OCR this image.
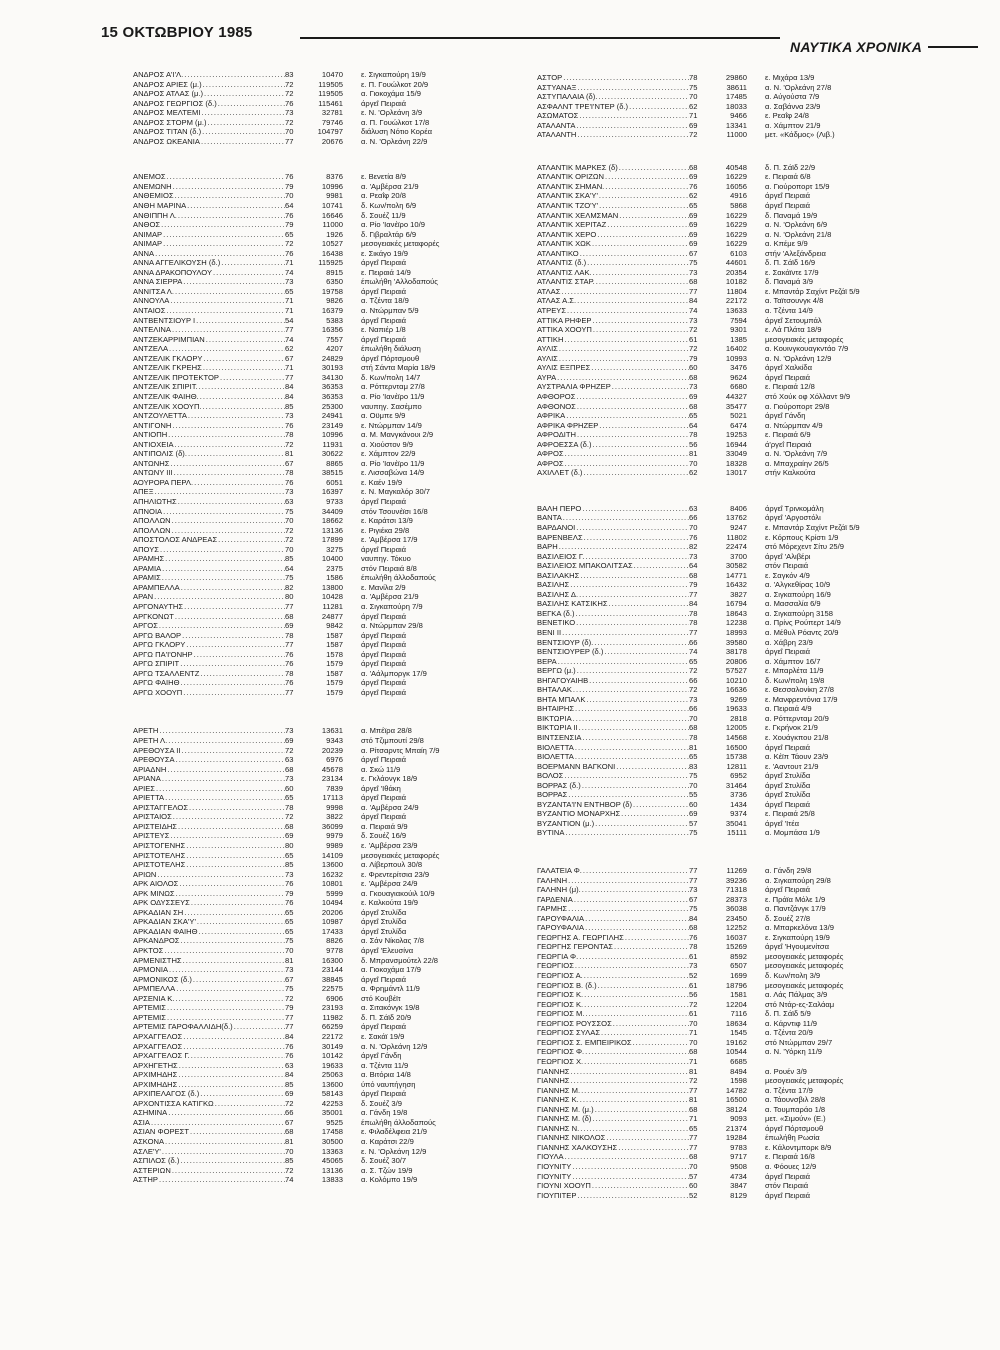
15 ΟΚΤΩΒΡΙΟΥ 1985
ΝΑΥΤΙΚΑ ΧΡΟΝΙΚΑ
ΑΝΔΡΟΣ Α'Ι'Λ. .....	83	10470	ε. Σιγκαπούρη 19/9
ΑΝΔΡΟΣ ΑΡΙΕΣ (μ.) .....	72	119505	ε. Π. Γουώλκοτ 20/9
ΑΝΔΡΟΣ ΑΤΛΑΣ (μ.) .....	72	119505	α. Γιοκοχάμα 15/9
ΑΝΔΡΟΣ ΓΕΩΡΓΙΟΣ (δ.) .....	76	115461	άργεΐ Πειραιά
ΑΝΔΡΟΣ ΜΕΛΤΕΜΙ .....	73	32781	ε. Ν. 'Ορλεάνη 3/9
ΑΝΔΡΟΣ ΣΤΟΡΜ (μ.) .....	72	79746	α. Π. Γουώλκοτ 17/8
ΑΝΔΡΟΣ ΤΙΤΑΝ (δ.) .....	70	104797	διάλυση Νότιο Κορέα
ΑΝΔΡΟΣ ΩΚΕΑΝΙΑ .....	77	20676	α. Ν. 'Ορλεάνη 22/9
ΑΝΕΜΟΣ .....	76	8376	ε. Βενετία 8/9
ΑΝΕΜΩΝΗ .....	79	10996	α. 'Αμβέρσα 21/9
ΑΝΘΕΜΙΟΣ .....	70	9981	α. Ρεαΐφ 20/8
ΑΝΘΗ ΜΑΡΙΝΑ .....	64	10741	δ. Κων/πολη 6/9
ΑΝΘΙΠΠΗ Λ. .....	76	16646	δ. Σουέζ 11/9
ΑΝΘΟΣ .....	79	11000	α. Ρίο 'Ιανέϊρο 10/9
ΑΝΙΜΑΡ .....	65	1926	δ. Γιβραλτάρ 6/9
ΑΝΙΜΑΡ .....	72	10527	μεσογειακές μεταφορές
ΑΝΝΑ .....	76	16438	ε. Σικάγο 19/9
ΑΝΝΑ ΑΓΓΕΛΙΚΟΥΣΗ (δ.) .....	71	115925	άργεΐ Πειραιά
ΑΝΝΑ ΔΡΑΚΟΠΟΥΛΟΥ .....	74	8915	ε. Πειραιά 14/9
ΑΝΝΑ ΣΙΕΡΡΑ .....	73	6350	έπωλήθη 'Αλλοδαπούς
ΑΝΝΙΤΣΑ Λ. .....	65	19758	άργεΐ Πειραιά
ΑΝΝΟΥΛΑ .....	71	9826	α. Τζέντα 18/9
ΑΝΤΑΙΟΣ .....	71	16379	α. Ντώρμπαν 5/9
ΑΝΤΒΕΝΤΣΙΟΥΡ Ι .....	54	5383	άργεΐ Πειραιά
ΑΝΤΕΛΙΝΑ .....	77	16356	ε. Ναπιέρ 1/8
ΑΝΤΖΕΚΑΡΡΙΜΠΙΑΝ .....	74	7557	άργεΐ Πειραιά
ΑΝΤΖΕΛΑ .....	62	4207	έπωλήθη διάλυση
ΑΝΤΖΕΛΙΚ ΓΚΛΟΡΥ .....	67	24829	άργεΐ Πόρτσμουθ
ΑΝΤΖΕΛΙΚ ΓΚΡΕΗΣ .....	71	30193	στή Σάντα Μαρία 18/9
ΑΝΤΖΕΛΙΚ ΠΡΟΤΕΚΤΟΡ .....	77	34130	δ. Κων/πολη 14/7
ΑΝΤΖΕΛΙΚ ΣΠΙΡΙΤ. .....	84	36353	α. Ρόττερνταμ 27/8
ΑΝΤΖΕΛΙΚ ΦΑΙΗΘ. .....	84	36353	α. Ρίο 'Ιανέϊρο 11/9
ΑΝΤΖΕΛΙΚ ΧΟΟΥΠ. .....	85	25300	ναυπηγ. Σασέμπο
ΑΝΤΖΟΥΛΕΤΤΑ .....	73	24941	α. Οϋμπε 9/9
ΑΝΤΙΓΟΝΗ .....	76	23149	ε. Ντώρμπαν 14/9
ΑΝΤΙΟΠΗ .....	78	10996	α. Μ. Μανγκάνουι 2/9
ΑΝΤΙΟΧΕΙΑ .....	72	11931	α. Χιούστον 9/9
ΑΝΤΙΠΟΛΙΣ (δ). .....	81	30622	ε. Χάμπτον 22/9
ΑΝΤΩΝΗΣ .....	67	8865	α. Ρίο 'Ιανέϊρο 11/9
ΑΝΤΩΝΥ ΙΙΙ .....	78	38515	ε. Λισσαβώνα 14/9
ΑΟΥΡΟΡΑ ΠΕΡΛ. .....	76	6051	ε. Καέν 19/9
ΑΠΕΞ .....	73	16397	ε. Ν. Μαγκαλόρ 30/7
ΑΠΗΛΙΩΤΗΣ .....	63	9733	άργεΐ Πειραιά
ΑΠΝΟΙΑ .....	75	34409	στόν Τσουνέϊσι 16/8
ΑΠΟΛΛΩΝ .....	70	18662	ε. Καράτσι 13/9
ΑΠΟΛΛΩΝ .....	72	13136	ε. Ριγιέκα 29/8
ΑΠΟΣΤΟΛΟΣ ΑΝΔΡΕΑΣ .....	72	17899	ε. 'Αμβέρσα 17/9
ΑΠΟΥΣ .....	70	3275	άργεΐ Πειραιά
ΑΡΑΜΗΣ .....	85	10400	ναυπηγ. Τόκυο
ΑΡΑΜΙΑ .....	64	2375	στόν Πειραιά 8/8
ΑΡΑΜΙΣ .....	75	1586	έπωλήθη άλλοδαπούς
ΑΡΑΜΠΕΛΛΑ .....	82	13800	ε. Μανίλα 2/9
ΑΡΑΝ .....	80	10428	α. 'Αμβέρσα 21/9
ΑΡΓΟΝΑΥΤΗΣ .....	77	11281	α. Σιγκαπούρη 7/9
ΑΡΓΚΟΝΩΤ .....	68	24877	άργεΐ Πειραιά
ΑΡΓΟΣ .....	69	9842	α. Ντώρμπαν 29/8
ΑΡΓΩ ΒΑΛΟΡ .....	78	1587	άργεΐ Πειραιά
ΑΡΓΩ ΓΚΛΟΡΥ .....	77	1587	άργεΐ Πειραιά
ΑΡΓΩ ΠΑ'Ι'ΟΝΗΡ .....	76	1578	άργεΐ Πειραιά
ΑΡΓΩ ΣΠΙΡΙΤ .....	76	1579	άργεΐ Πειραιά
ΑΡΓΩ ΤΣΑΛΛΕΝΤΖ .....	78	1587	α. 'Αάλμποργκ 17/9
ΑΡΓΩ ΦΑΙΗΘ .....	76	1579	άργεΐ Πειραιά
ΑΡΓΩ ΧΟΟΥΠ .....	77	1579	άργεΐ Πειραιά
ΑΡΕΤΗ .....	73	13631	α. Μπέϊρα 28/8
ΑΡΕΤΗ Λ. .....	69	9343	στό Τζιμπουτί 29/8
ΑΡΕΘΟΥΣΑ ΙΙ .....	72	20239	α. Ρίτσαρντς Μπαίη 7/9
ΑΡΕΘΟΥΣΑ .....	63	6976	άργεΐ Πειραιά
ΑΡΙΑΔΝΗ .....	68	45678	α. Σκώ 11/9
ΑΡΙΑΝΑ .....	73	23134	ε. Γκλάονγκ 18/9
ΑΡΙΕΣ .....	60	7839	άργεΐ 'Ιθάκη
ΑΡΙΕΤΤΑ .....	65	17113	άργεΐ Πειραιά
ΑΡΙΣΤΑΓΓΕΛΟΣ .....	78	9998	α. 'Αμβέρσα 24/9
ΑΡΙΣΤΑΙΟΣ .....	72	3822	άργεΐ Πειραιά
ΑΡΙΣΤΕΙΔΗΣ .....	68	36099	α. Πειραιά 9/9
ΑΡΙΣΤΕΥΣ .....	69	9979	δ. Σουέζ 16/9
ΑΡΙΣΤΟΓΕΝΗΣ .....	80	9989	ε. 'Αμβέρσα 23/9
ΑΡΙΣΤΟΤΕΛΗΣ .....	65	14109	μεσογειακές μεταφορές
ΑΡΙΣΤΟΤΕΛΗΣ .....	85	13600	α. Λίβερπουλ 30/8
ΑΡΙΩΝ .....	73	16232	ε. Φρεντερίτσια 23/9
ΑΡΚ ΑΙΟΛΟΣ .....	76	10801	ε. 'Αμβέρσα 24/9
ΑΡΚ ΜΙΝΩΣ .....	79	5999	α. Γκουαγιακούιλ 10/9
ΑΡΚ ΟΔΥΣΣΕΥΣ .....	76	10494	ε. Καλκούτα 19/9
ΑΡΚΑΔΙΑΝ ΣΗ .....	65	20206	άργεΐ Στυλίδα
ΑΡΚΑΔΙΑΝ ΣΚΑ'Υ' .....	65	10987	άργεΐ Στυλίδα
ΑΡΚΑΔΙΑΝ ΦΑΙΗΘ .....	65	17433	άργεΐ Στυλίδα
ΑΡΚΑΝΔΡΟΣ .....	75	8826	α. Σάν Νίκολας 7/8
ΑΡΚΤΟΣ .....	70	9778	άργεΐ 'Ελευσίνα
ΑΡΜΕΝΙΣΤΗΣ .....	81	16300	δ. Μπρανσμούτελ 22/8
ΑΡΜΟΝΙΑ .....	73	23144	α. Γιοκοχάμα 17/9
ΑΡΜΟΝΙΚΟΣ (δ.) .....	67	38845	άργεΐ Πειραιά
ΑΡΜΠΕΛΛΑ .....	75	22575	α. Φρημάντλ 11/9
ΑΡΣΕΝΙΑ Κ. .....	72	6906	στό Κουβέϊτ
ΑΡΤΕΜΙΣ .....	79	23193	α. Σιτακόνγκ 19/8
ΑΡΤΕΜΙΣ .....	77	11982	δ. Π. Σάϊδ 20/9
ΑΡΤΕΜΙΣ ΓΑΡΟΦΑΛΛΙΔΗ(δ.) .....	77	66259	άργεΐ Πειραιά
ΑΡΧΑΓΓΕΛΟΣ .....	84	22172	ε. Σακάϊ 19/9
ΑΡΧΑΓΓΕΛΟΣ .....	76	30149	α. Ν. 'Ορλεάνη 12/9
ΑΡΧΑΓΓΕΛΟΣ Γ. .....	76	10142	άργεΐ Γάνδη
ΑΡΧΗΓΕΤΗΣ .....	63	19633	α. Τζέντα 11/9
ΑΡΧΙΜΗΔΗΣ .....	84	25063	α. Βιτόρια 14/8
ΑΡΧΙΜΗΔΗΣ .....	85	13600	ύπό ναυπήγηση
ΑΡΧΙΠΕΛΑΓΟΣ (δ.) .....	69	58143	άργεΐ Πειραιά
ΑΡΧΟΝΤΙΣΣΑ ΚΑΤΙΓΚΩ .....	72	42253	δ. Σουέζ 3/9
ΑΣΗΜΙΝΑ .....	66	35001	α. Γάνδη 19/8
ΑΣΙΑ .....	67	9525	έπωλήθη άλλοδαπούς
ΑΣΙΑΝ ΦΟΡΕΣΤ .....	68	17458	ε. Φιλαδέλφεια 21/9
ΑΣΚΟΝΑ .....	81	30500	α. Καράτσι 22/9
ΑΣΛΕ'Υ' .....	70	13363	ε. Ν. 'Ορλεάνη 12/9
ΑΣΠΙΛΟΣ (δ.) .....	85	45065	δ. Σουέζ 30/7
ΑΣΤΕΡΙΩΝ .....	72	13136	α. Σ. Τζών 19/9
ΑΣΤΗΡ .....	74	13833	α. Κολόμπο 19/9
ΑΣΤΟΡ .....	78	29860	ε. Μιχάρα 13/9
ΑΣΤΥΑΝΑΞ .....	75	38611	α. Ν. 'Ορλεάνη 27/8
ΑΣΤΥΠΑΛΑΙΑ (δ). .....	70	17485	α. Αύγούστα 7/9
ΑΣΦΑΛΝΤ ΤΡΕ'Ι'ΝΤΕΡ (δ.) .....	62	18033	α. Σαβάννα 23/9
ΑΣΩΜΑΤΟΣ .....	71	9466	ε. Ρεαΐφ 24/8
ΑΤΑΛΑΝΤΑ .....	69	13341	α. Χάμπτον 21/9
ΑΤΑΛΑΝΤΗ .....	72	11000	μετ. «Κάδμος» (Λιβ.)
ΑΤΛΑΝΤΙΚ ΜΑΡΚΕΣ (δ) .....	68	40548	δ. Π. Σάϊδ 22/9
ΑΤΛΑΝΤΙΚ ΟΡΙΖΩΝ .....	69	16229	ε. Πειραιά 6/8
ΑΤΛΑΝΤΙΚ ΣΗΜΑΝ. .....	76	16056	α. Γιούροπορτ 15/9
ΑΤΛΑΝΤΙΚ ΣΚΑ'Υ' .....	62	4916	άργεΐ Πειραιά
ΑΤΛΑΝΤΙΚ ΤΖΟ'Υ' .....	65	5868	άργεΐ Πειραιά
ΑΤΛΑΝΤΙΚ ΧΕΛΜΣΜΑΝ .....	69	16229	δ. Παναμά 19/9
ΑΤΛΑΝΤΙΚ ΧΕΡΙΤΑΖ .....	69	16229	α. Ν. 'Ορλεάνη 6/9
ΑΤΛΑΝΤΙΚ ΧΕΡΟ .....	69	16229	α. Ν. 'Ορλεάνη 21/8
ΑΤΛΑΝΤΙΚ ΧΩΚ .....	69	16229	α. Κπέμε 9/9
ΑΤΛΑΝΤΙΚΟ .....	67	6103	στήν 'Αλεξάνδρεια
ΑΤΛΑΝΤΙΣ (δ.) .....	75	44601	δ. Π. Σάϊδ 16/9
ΑΤΛΑΝΤΙΣ ΛΑΚ. .....	73	20354	ε. Σακάϊντε 17/9
ΑΤΛΑΝΤΙΣ ΣΤΑΡ. .....	68	10182	δ. Παναμά 3/9
ΑΤΛΑΣ .....	77	11804	ε. Μπαντάρ Σαχίντ Ρεζάϊ 5/9
ΑΤΛΑΣ Α.Σ. .....	84	22172	α. Ταϊτσουνγκ 4/8
ΑΤΡΕΥΣ .....	74	13633	α. Τζέντα 14/9
ΑΤΤΙΚΑ ΡΗΦΕΡ .....	73	7594	άργεΐ Σετουμπάλ
ΑΤΤΙΚΑ ΧΟΟΥΠ .....	72	9301	ε. Λά Πλάτα 18/9
ΑΤΤΙΚΗ .....	61	1385	μεσογειακές μεταφορές
ΑΥΛΙΣ .....	72	16402	α. Κουινγκουαγκντάο 7/9
ΑΥΛΙΣ .....	79	10993	α. Ν. 'Ορλεάνη 12/9
ΑΥΛΙΣ ΕΞΠΡΕΣ .....	60	3476	άργεΐ Χαλκίδα
ΑΥΡΑ .....	68	9624	άργεΐ Πειραιά
ΑΥΣΤΡΑΛΙΑ ΦΡΗΖΕΡ .....	73	6680	ε. Πειραιά 12/8
ΑΦΘΟΡΟΣ .....	69	44327	στό Χούκ οφ Χόλλαντ 9/9
ΑΦΘΟΝΟΣ .....	68	35477	α. Γιούροπορτ 29/8
ΑΦΡΙΚΑ .....	65	5021	άργεΐ Γάνδη
ΑΦΡΙΚΑ ΦΡΗΖΕΡ .....	64	6474	α. Ντώρμπαν 4/9
ΑΦΡΟΔΙΤΗ .....	78	19253	ε. Πειραιά 6/9
ΑΦΡΟΕΣΣΑ (δ.) .....	56	16944	ά'ργεΐ Πειραιά
ΑΦΡΟΣ .....	81	33049	α. Ν. 'Ορλεάνη 7/9
ΑΦΡΟΣ .....	70	18328	α. Μπαχραίην 26/5
ΑΧΙΛΛΕΤ (δ.) .....	62	13017	στήν Καλκούτα
ΒΑΛΗ ΠΕΡΟ .....	63	8406	άργεΐ Τρινκομάλη
ΒΑΝΤΑ .....	66	13762	άργεΐ 'Αργοστόλι
ΒΑΡΔΑΝΟΙ .....	70	9247	ε. Μπαντάρ Σαχίντ Ρεζάϊ 5/9
ΒΑΡΕΝΒΕΛΣ .....	76	11802	ε. Κόρπους Κρίστι 1/9
ΒΑΡΗ .....	82	22474	στό Μόρεχεντ Σίτυ 25/9
ΒΑΣΙΛΕΙΟΣ Γ. .....	73	3700	άργεΐ 'Αλιβέρι
ΒΑΣΙΛΕΙΟΣ ΜΠΑΚΟΛΙΤΣΑΣ .....	64	30582	στόν Πειραιά
ΒΑΣΙΛΑΚΗΣ .....	68	14771	ε. Σαγκόν 4/9
ΒΑΣΙΛΗΣ .....	79	16432	α. 'Αλγκεθίρας 10/9
ΒΑΣΙΛΗΣ Δ. .....	77	3827	α. Σιγκαπούρη 16/9
ΒΑΣΙΛΗΣ ΚΑΤΣΙΚΗΣ .....	84	16794	α. Μασσαλία 6/9
ΒΕΓΚΑ (δ.) .....	78	18643	α. Σιγκαπούρη 3158
ΒΕΝΕΤΙΚΟ .....	78	12238	α. Πρίνς Ρούπερτ 14/9
ΒΕΝΙ ΙΙ .....	77	18993	α. Μέθυλ Ρόαντς 20/9
ΒΕΝΤΣΙΟΥΡ (δ). .....	66	39580	α. Χάβρη 23/9
ΒΕΝΤΣΙΟΥΡΕΡ (δ.) .....	74	38178	άργεΐ Πειραιά
ΒΕΡΑ .....	65	20806	α. Χάμπτον 16/7
ΒΕΡΓΩ (μ.) .....	72	57527	ε. Μπαρλέτα 11/9
ΒΗΓΑΓΟΥΑΙΗΒ .....	66	10210	δ. Κων/πολη 19/8
ΒΗΤΑΛΑΚ .....	72	16636	ε. Θεσσαλονίκη 27/8
ΒΗΤΑ ΜΠΑΛΚ .....	73	9269	ε. Μανφρεντόνια 17/9
ΒΗΤΑΙΡΗΣ .....	66	19633	α. Πειραιά 4/9
ΒΙΚΤΩΡΙΑ .....	70	2818	α. Ρόττερνταμ 20/9
ΒΙΚΤΩΡΙΑ ΙΙ .....	68	12005	ε. Γκρήνοκ 21/9
ΒΙΝΤΣΕΝΣΙΑ .....	78	14568	ε. Χουάγκπου 21/8
ΒΙΟΛΕΤΤΑ .....	81	16500	άργεΐ Πειραιά
ΒΙΟΛΕΤΤΑ .....	65	15738	α. Κέϊπ Τάουν 23/9
ΒΟΕΡΜΑΝΝ ΒΑΓΚΟΝΙ .....	83	12811	ε. 'Ααντουτ 21/9
ΒΟΛΟΣ .....	75	6952	άργεΐ Στυλίδα
ΒΟΡΡΑΣ (δ.) .....	70	31464	άργεΐ Στυλίδα
ΒΟΡΡΑΣ .....	55	3736	άργεΐ Στυλίδα
ΒΥΖΑΝΤΑ'Ι'Ν ΕΝΤΗΒΟΡ (δ) .....	60	1434	άργεΐ Πειραιά
ΒΥΖΑΝΤΙΟ ΜΟΝΑΡΧΗΣ .....	69	9374	ε. Πειραιά 25/8
ΒΥΖΑΝΤΙΟΝ (μ.) .....	57	35041	άργεΐ 'Ιτέα
ΒΥΤΙΝΑ .....	75	15111	α. Μομπάσα 1/9
ΓΑΛΑΤΕΙΑ Φ. .....	77	11269	α. Γάνδη 29/8
ΓΑΛΗΝΗ .....	77	39236	α. Σιγκαπούρη 29/8
ΓΑΛΗΝΗ (μ). .....	73	71318	άργεΐ Πειραιά
ΓΑΡΔΕΝΙΑ .....	67	28373	ε. Πράϊα Μόλε 1/9
ΓΑΡΜΗΣ .....	75	36038	α. Παντζάνγκ 17/9
ΓΑΡΟΥΦΑΛΙΑ .....	84	23450	δ. Σουέζ 27/8
ΓΑΡΟΥΦΑΛΙΑ .....	68	12252	α. Μπαρκελόνα 13/9
ΓΕΩΡΓΗΣ Α. ΓΕΩΡΓΙΛΗΣ .....	76	16037	ε. Σιγκαπούρη 19/9
ΓΕΩΡΓΗΣ ΓΕΡΟΝΤΑΣ .....	78	15269	άργεΐ 'Ηγουμενίτσα
ΓΕΩΡΓΙΑ Φ. .....	61	8592	μεσογειακές μεταφορές
ΓΕΩΡΓΙΟΣ .....	73	6507	μεσογειακές μεταφορές
ΓΕΩΡΓΙΟΣ Α. .....	52	1699	δ. Κων/πολη 3/9
ΓΕΩΡΓΙΟΣ Β. (δ.) .....	61	18796	μεσογειακές μεταφορές
ΓΕΩΡΓΙΟΣ Κ. .....	56	1581	α. Λάς Πάλμας 3/9
ΓΕΩΡΓΙΟΣ Κ. .....	72	12204	στό Ντάρ-ες-Σαλάαμ
ΓΕΩΡΓΙΟΣ Μ. .....	61	7116	δ. Π. Σάϊδ 5/9
ΓΕΩΡΓΙΟΣ ΡΟΥΣΣΟΣ .....	70	18634	α. Κάρντιφ 11/9
ΓΕΩΡΓΙΟΣ ΣΥΛΑΣ .....	71	1545	α. Τζέντα 20/9
ΓΕΩΡΓΙΟΣ Σ. ΕΜΠΕΙΡΙΚΟΣ .....	70	19162	στό Ντώρμπαν 29/7
ΓΕΩΡΓΙΟΣ Φ. .....	68	10544	α. Ν. 'Υόρκη 11/9
ΓΕΩΡΓΙΟΣ Χ. .....	71	6685
ΓΙΑΝΝΗΣ .....	81	8494	α. Ρουέν 3/9
ΓΙΑΝΝΗΣ .....	72	1598	μεσογειακές μεταφορές
ΓΙΑΝΝΗΣ Μ. .....	77	14782	α. Τζέντα 17/9
ΓΙΑΝΝΗΣ Κ. .....	81	16500	α. Τάουνσβιλ 28/8
ΓΙΑΝΝΗΣ Μ. (μ.) .....	68	38124	α. Τουμπαράο 1/8
ΓΙΑΝΝΗΣ Μ. (δ) .....	71	9093	μετ. «Σιμούν» (Ε.)
ΓΙΑΝΝΗΣ Ν. .....	65	21374	άργεΐ Πόρτσμουθ
ΓΙΑΝΝΗΣ ΝΙΚΟΛΟΣ .....	77	19284	έπωλήθη Ρωσία
ΓΙΑΝΝΗΣ ΧΑΛΚΟΥΣΗΣ .....	77	9783	ε. Κάλοντμπορκ 8/9
ΓΙΟΥΛΑ .....	68	9717	ε. Πειραιά 16/8
ΓΙΟΥΝΙΤΥ .....	70	9508	α. Φόουες 12/9
ΓΙΟΥΝΙΤΥ .....	57	4734	άργεΐ Πειραιά
ΓΙΟΥΝΙ ΧΟΟΥΠ .....	60	3847	στόν Πειραιά
ΓΙΟΥΠΙΤΕΡ .....	52	8129	άργεΐ Πειραιά
